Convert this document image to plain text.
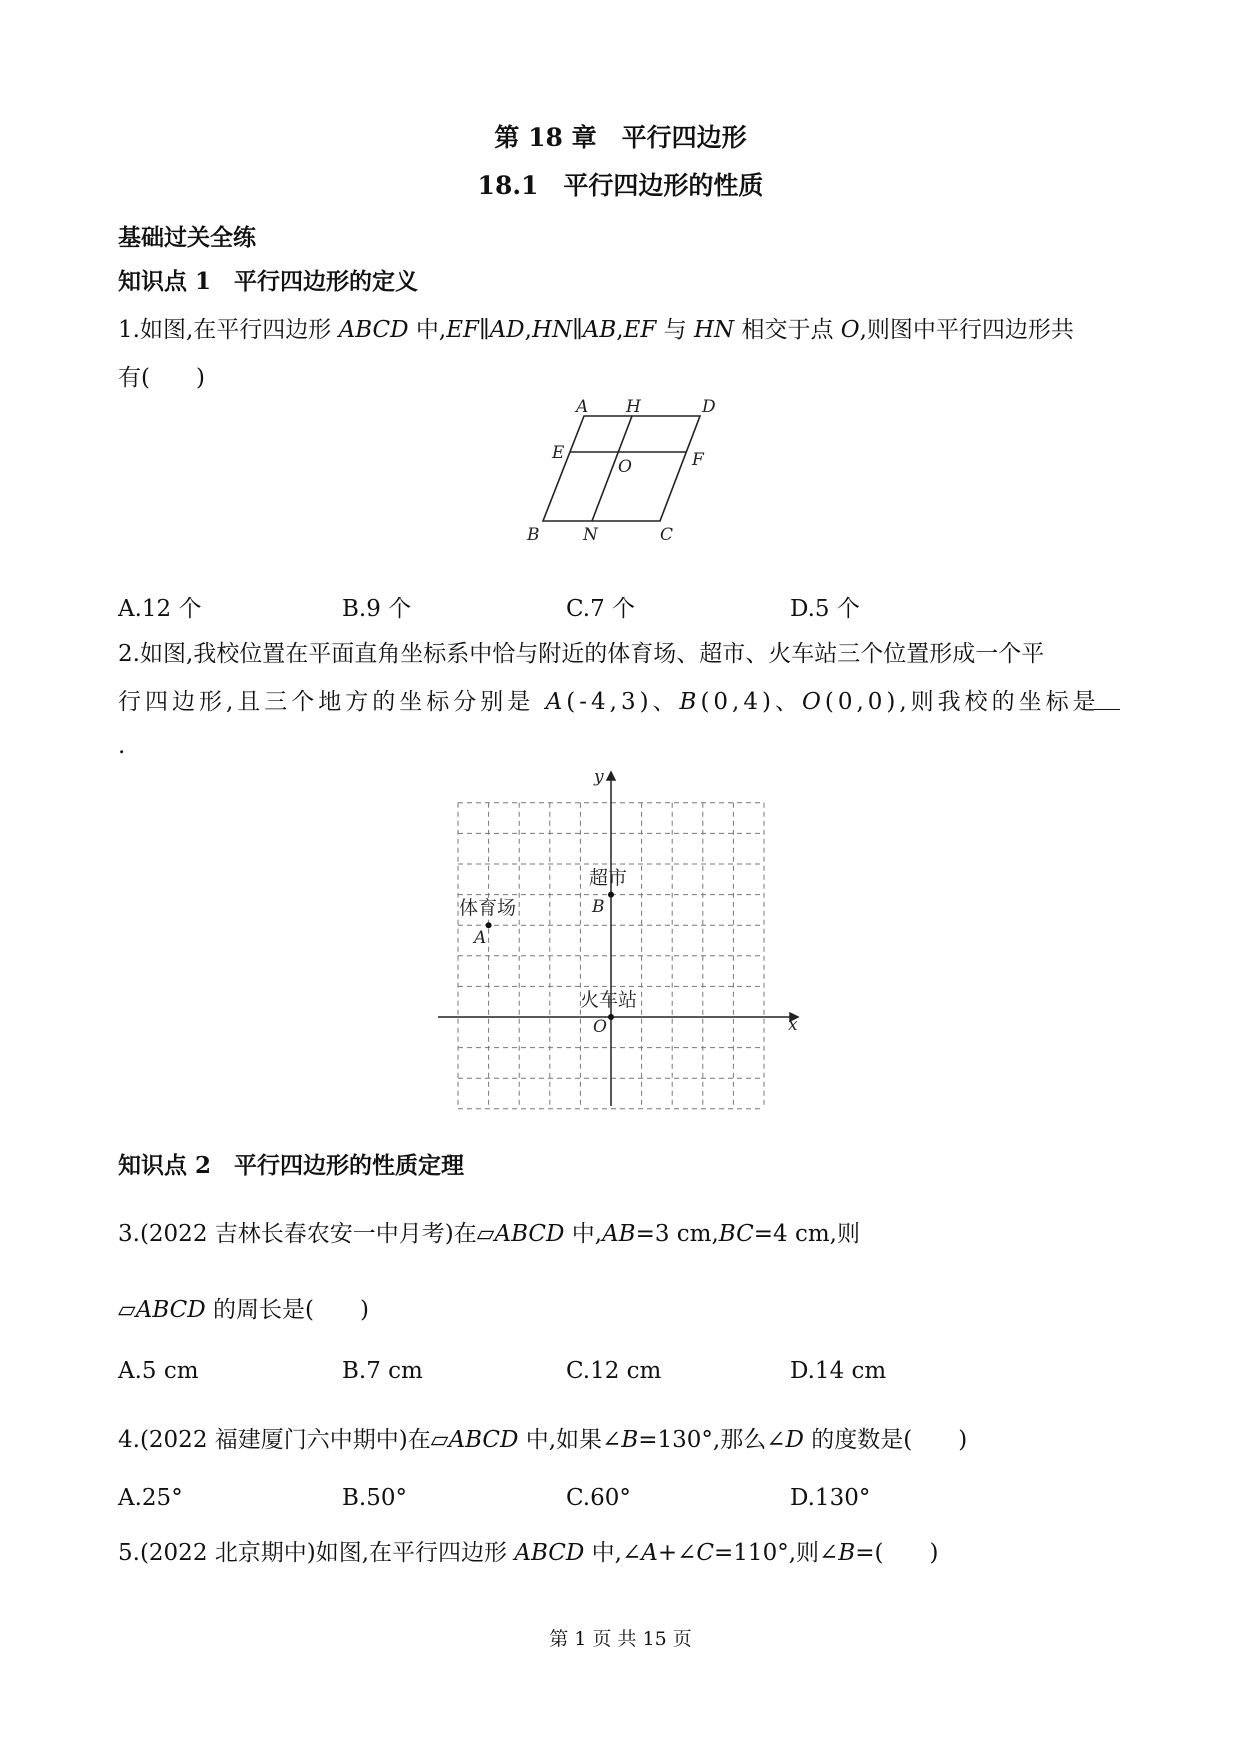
第 18 章　平行四边形
18.1　平行四边形的性质
基础过关全练
知识点 1　平行四边形的定义
1.如图,在平行四边形 ABCD 中,EF∥AD,HN∥AB,EF 与 HN 相交于点 O,则图中平行四边形共
有(　　)
A H	D
E
O	F
B	N	C
A.12 个	B.9 个	C.7 个	D.5 个
2.如图,我校位置在平面直角坐标系中恰与附近的体育场、超市、火车站三个位置形成一个平
行四边形,且三个地方的坐标分别是 A(-4,3)、B(0,4)、O(0,0),则我校的坐标是
.
x
y
体育场
超市
火车站
A
B
O
知识点 2　平行四边形的性质定理
3.(2022 吉林长春农安一中月考)在▱ABCD 中,AB=3 cm,BC=4 cm,则
▱ABCD 的周长是(　　)
A.5 cm	B.7 cm	C.12 cm	D.14 cm
4.(2022 福建厦门六中期中)在▱ABCD 中,如果∠B=130°,那么∠D 的度数是(　　)
A.25°	B.50°	C.60°	D.130°
5.(2022 北京期中)如图,在平行四边形 ABCD 中,∠A+∠C=110°,则∠B=(　　)
第 1 页 共 15 页
